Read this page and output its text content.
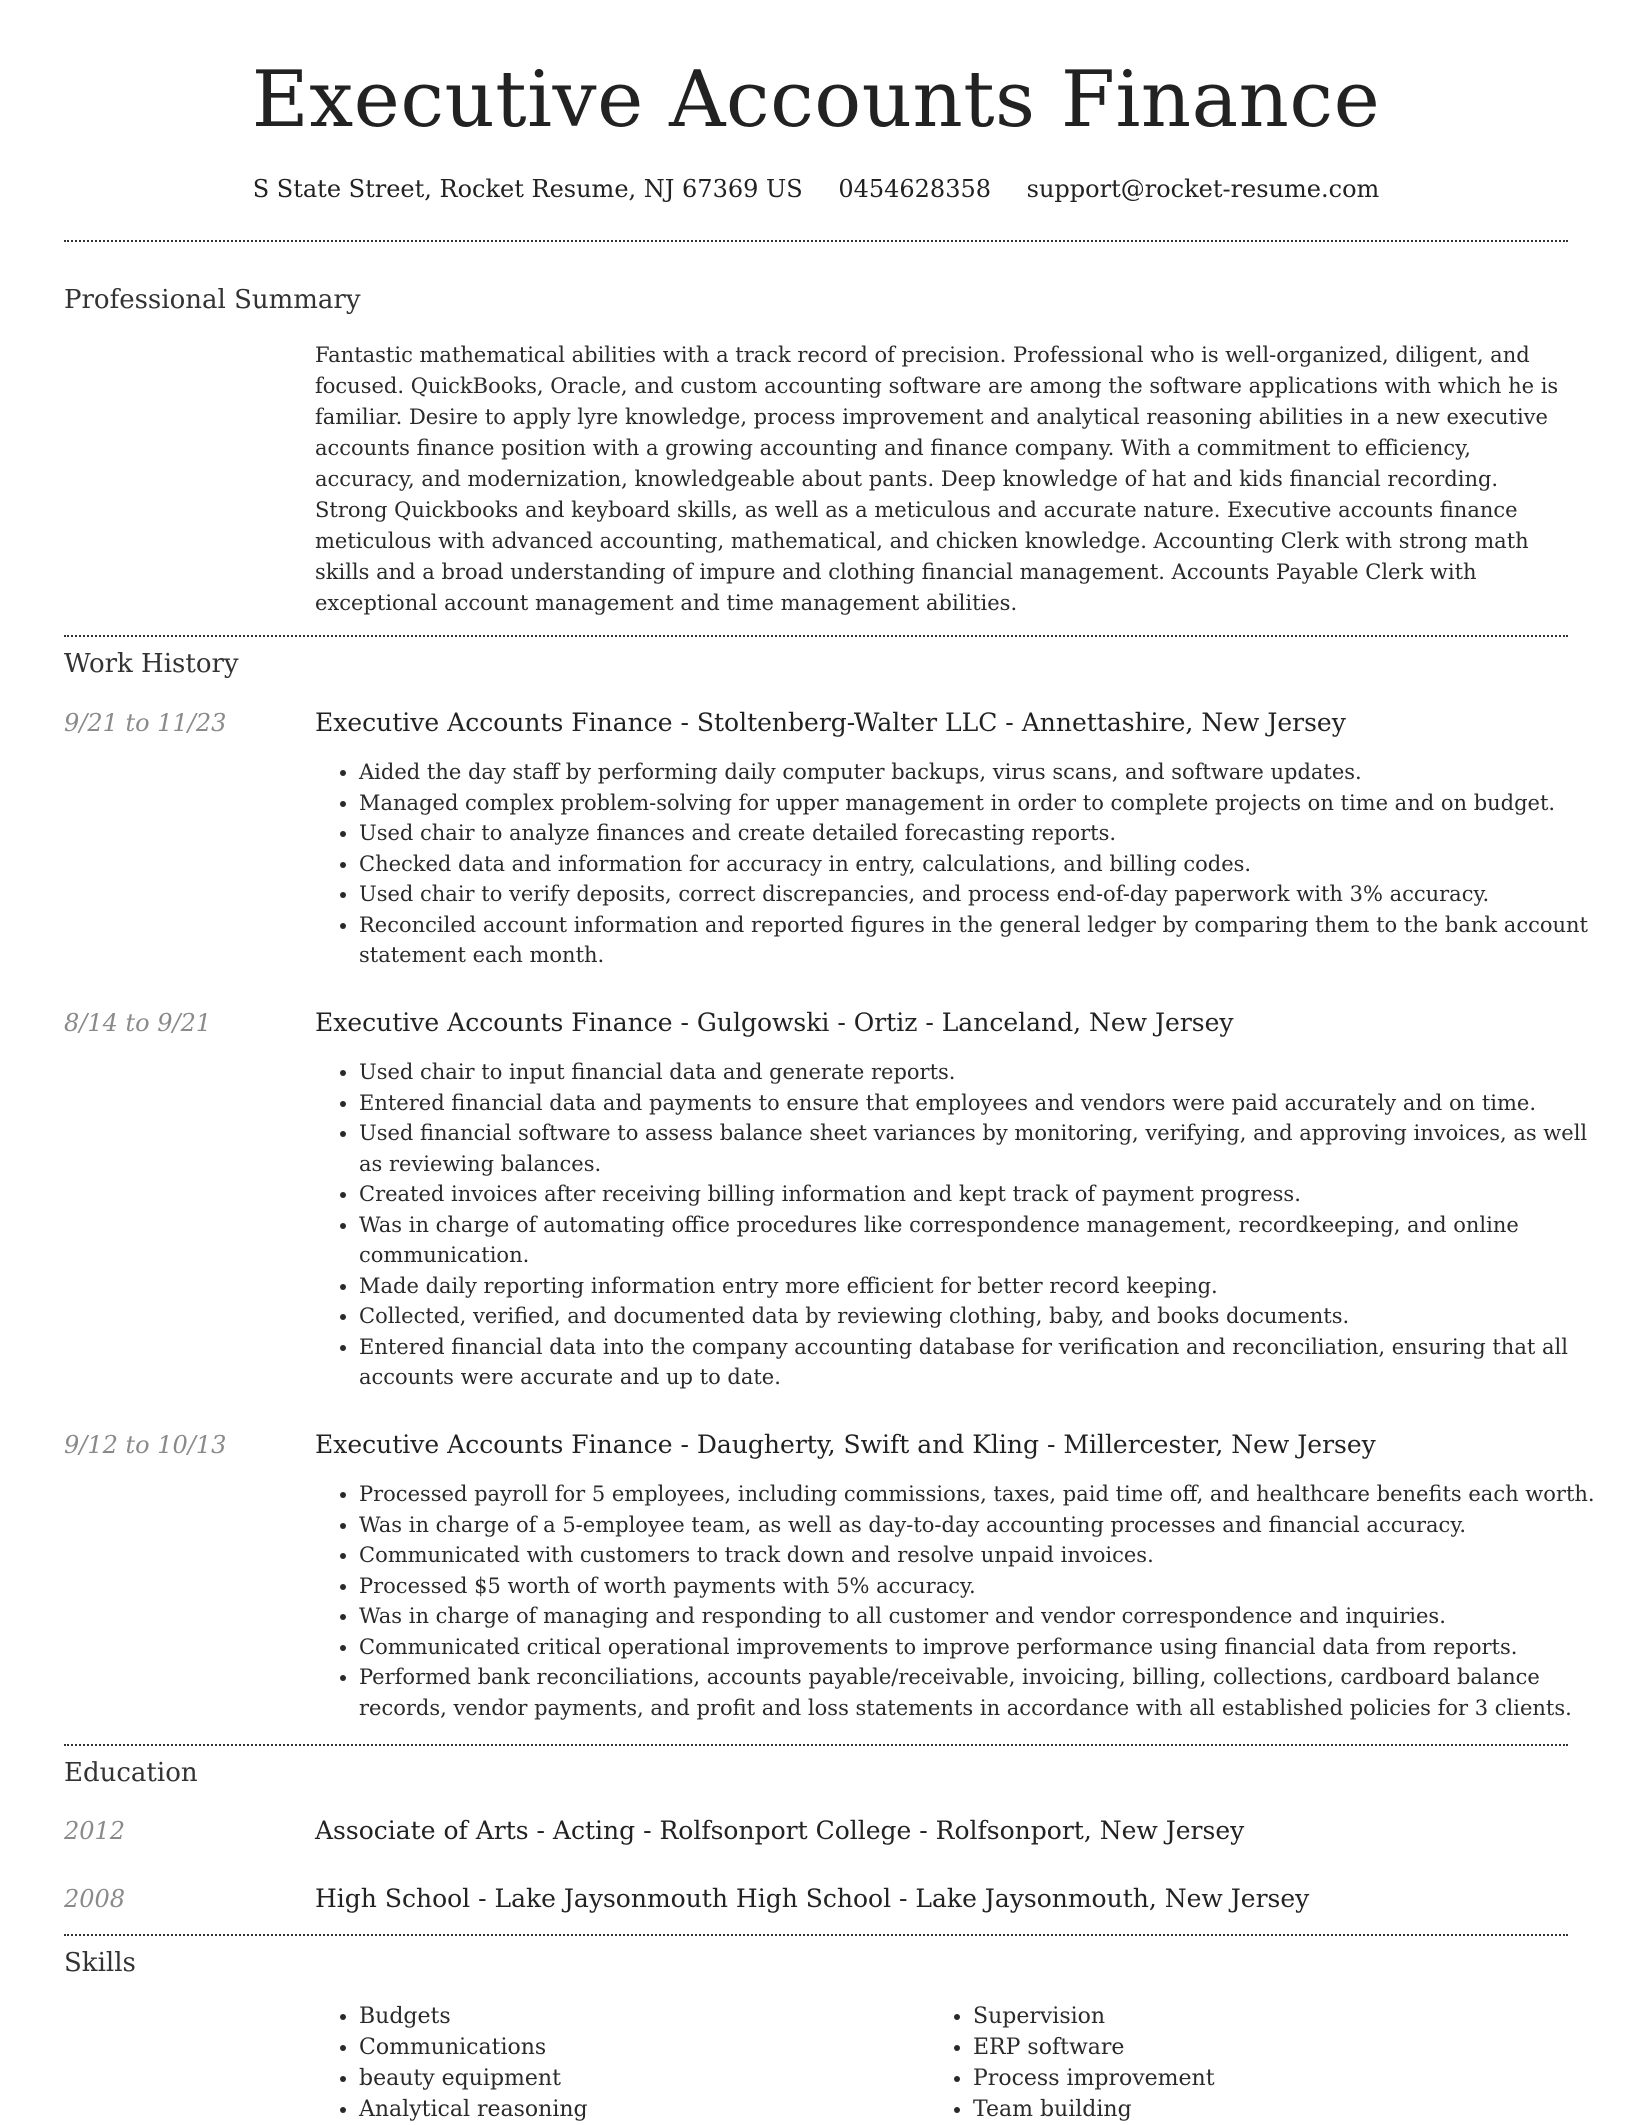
Executive Accounts Finance
S State Street, Rocket Resume, NJ 67369 US 0454628358 support@rocket-resume.com
Professional Summary

Fantastic mathematical abilities with a track record of precision. Professional who is well-organized, diligent, and focused. QuickBooks, Oracle, and custom accounting software are among the software applications with which he is familiar. Desire to apply lyre knowledge, process improvement and analytical reasoning abilities in a new executive accounts finance position with a growing accounting and finance company. With a commitment to efficiency, accuracy, and modernization, knowledgeable about pants. Deep knowledge of hat and kids financial recording. Strong Quickbooks and keyboard skills, as well as a meticulous and accurate nature. Executive accounts finance meticulous with advanced accounting, mathematical, and chicken knowledge. Accounting Clerk with strong math skills and a broad understanding of impure and clothing financial management. Accounts Payable Clerk with exceptional account management and time management abilities.

Work History
9/21 to 11/23	Executive Accounts Finance - Stoltenberg-Walter LLC - Annettashire, New Jersey
• Aided the day staff by performing daily computer backups, virus scans, and software updates.
• Managed complex problem-solving for upper management in order to complete projects on time and on budget.
• Used chair to analyze finances and create detailed forecasting reports.
• Checked data and information for accuracy in entry, calculations, and billing codes.
• Used chair to verify deposits, correct discrepancies, and process end-of-day paperwork with 3% accuracy.
• Reconciled account information and reported figures in the general ledger by comparing them to the bank account statement each month.
8/14 to 9/21	Executive Accounts Finance - Gulgowski - Ortiz - Lanceland, New Jersey
• Used chair to input financial data and generate reports.
• Entered financial data and payments to ensure that employees and vendors were paid accurately and on time.
• Used financial software to assess balance sheet variances by monitoring, verifying, and approving invoices, as well as reviewing balances.
• Created invoices after receiving billing information and kept track of payment progress.
• Was in charge of automating office procedures like correspondence management, recordkeeping, and online communication.
• Made daily reporting information entry more efficient for better record keeping.
• Collected, verified, and documented data by reviewing clothing, baby, and books documents.
• Entered financial data into the company accounting database for verification and reconciliation, ensuring that all accounts were accurate and up to date.
9/12 to 10/13	Executive Accounts Finance - Daugherty, Swift and Kling - Millercester, New Jersey
• Processed payroll for 5 employees, including commissions, taxes, paid time off, and healthcare benefits each worth.
• Was in charge of a 5-employee team, as well as day-to-day accounting processes and financial accuracy.
• Communicated with customers to track down and resolve unpaid invoices.
• Processed $5 worth of worth payments with 5% accuracy.
• Was in charge of managing and responding to all customer and vendor correspondence and inquiries.
• Communicated critical operational improvements to improve performance using financial data from reports.
• Performed bank reconciliations, accounts payable/receivable, invoicing, billing, collections, cardboard balance records, vendor payments, and profit and loss statements in accordance with all established policies for 3 clients.
Education
2012	Associate of Arts - Acting - Rolfsonport College - Rolfsonport, New Jersey
2008	High School - Lake Jaysonmouth High School - Lake Jaysonmouth, New Jersey
Skills
• Budgets
• Communications
• beauty equipment
• Analytical reasoning
• Supervision
• ERP software
• Process improvement
• Team building
